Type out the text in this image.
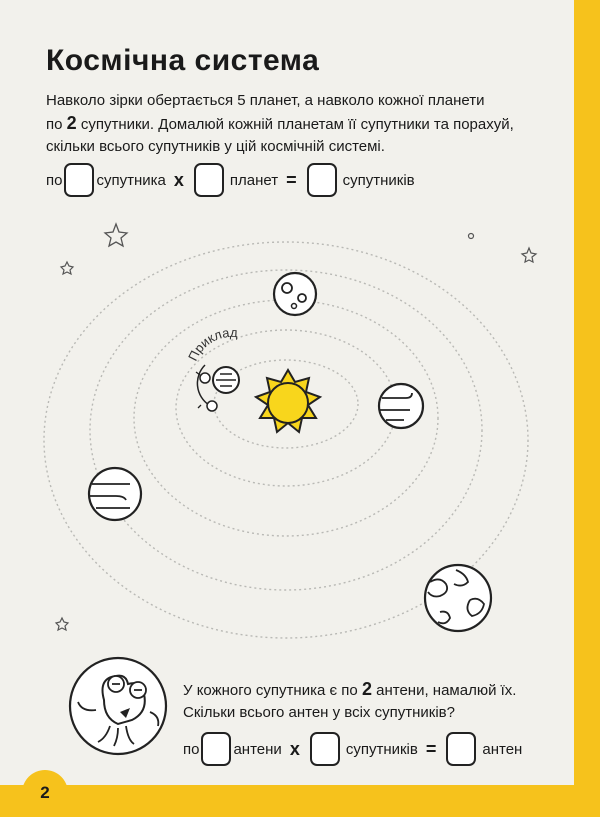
Космічна система

Навколо зірки обертається 5 планет, а навколо кожної планети
по 2 супутники. Домалюй кожній планетам її супутники та порахуй,
скільки всього супутників у цій космічній системі.

по супутника x	планет =	супутників
Приклад

У кожного супутника є по 2 антени, намалюй їх.
Скільки всього антен у всіх супутників?

по антени x	супутників =	антен
2
